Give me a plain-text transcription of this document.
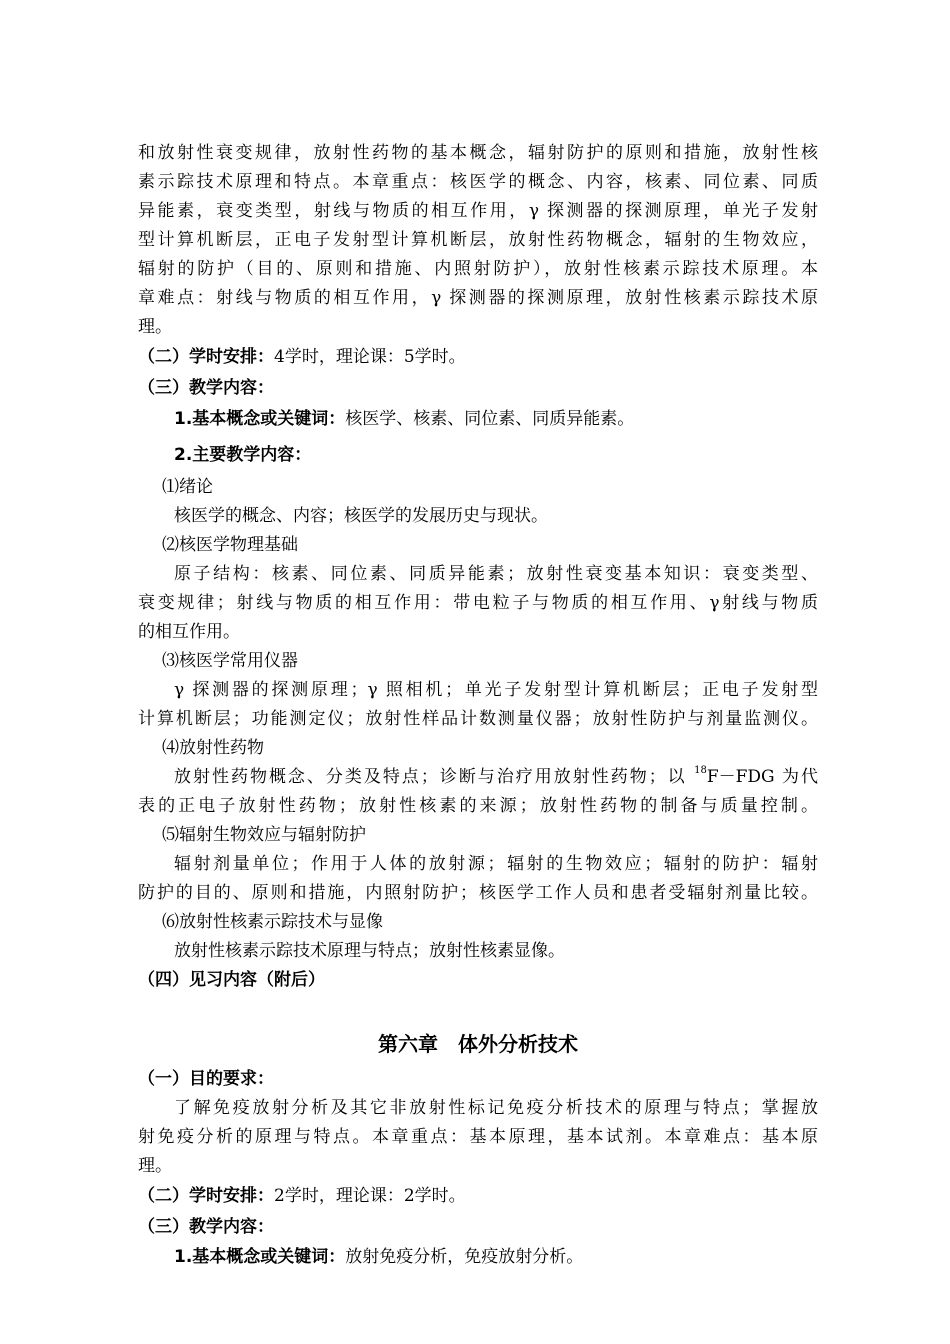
和放射性衰变规律，放射性药物的基本概念，辐射防护的原则和措施，放射性核
素示踪技术原理和特点。本章重点：核医学的概念、内容，核素、同位素、同质
异能素，衰变类型，射线与物质的相互作用，γ 探测器的探测原理，单光子发射
型计算机断层，正电子发射型计算机断层，放射性药物概念，辐射的生物效应，
辐射的防护（目的、原则和措施、内照射防护），放射性核素示踪技术原理。本
章难点：射线与物质的相互作用，γ 探测器的探测原理，放射性核素示踪技术原
理。
（二）学时安排：4学时，理论课：5学时。
（三）教学内容：
1.基本概念或关键词：核医学、核素、同位素、同质异能素。
2.主要教学内容：
⑴绪论
核医学的概念、内容；核医学的发展历史与现状。
⑵核医学物理基础
原子结构：核素、同位素、同质异能素；放射性衰变基本知识：衰变类型、
衰变规律；射线与物质的相互作用：带电粒子与物质的相互作用、γ射线与物质
的相互作用。
⑶核医学常用仪器
γ 探测器的探测原理；γ 照相机；单光子发射型计算机断层；正电子发射型
计算机断层；功能测定仪；放射性样品计数测量仪器；放射性防护与剂量监测仪。
⑷放射性药物
放射性药物概念、分类及特点；诊断与治疗用放射性药物；以 $^{18}$F－FDG 为代
表的正电子放射性药物；放射性核素的来源；放射性药物的制备与质量控制。
⑸辐射生物效应与辐射防护
辐射剂量单位；作用于人体的放射源；辐射的生物效应；辐射的防护：辐射
防护的目的、原则和措施，内照射防护；核医学工作人员和患者受辐射剂量比较。
⑹放射性核素示踪技术与显像
放射性核素示踪技术原理与特点；放射性核素显像。
（四）见习内容（附后）
第六章　体外分析技术
（一）目的要求：
了解免疫放射分析及其它非放射性标记免疫分析技术的原理与特点；掌握放
射免疫分析的原理与特点。本章重点：基本原理，基本试剂。本章难点：基本原
理。
（二）学时安排：2学时，理论课：2学时。
（三）教学内容：
1.基本概念或关键词：放射免疫分析，免疫放射分析。
